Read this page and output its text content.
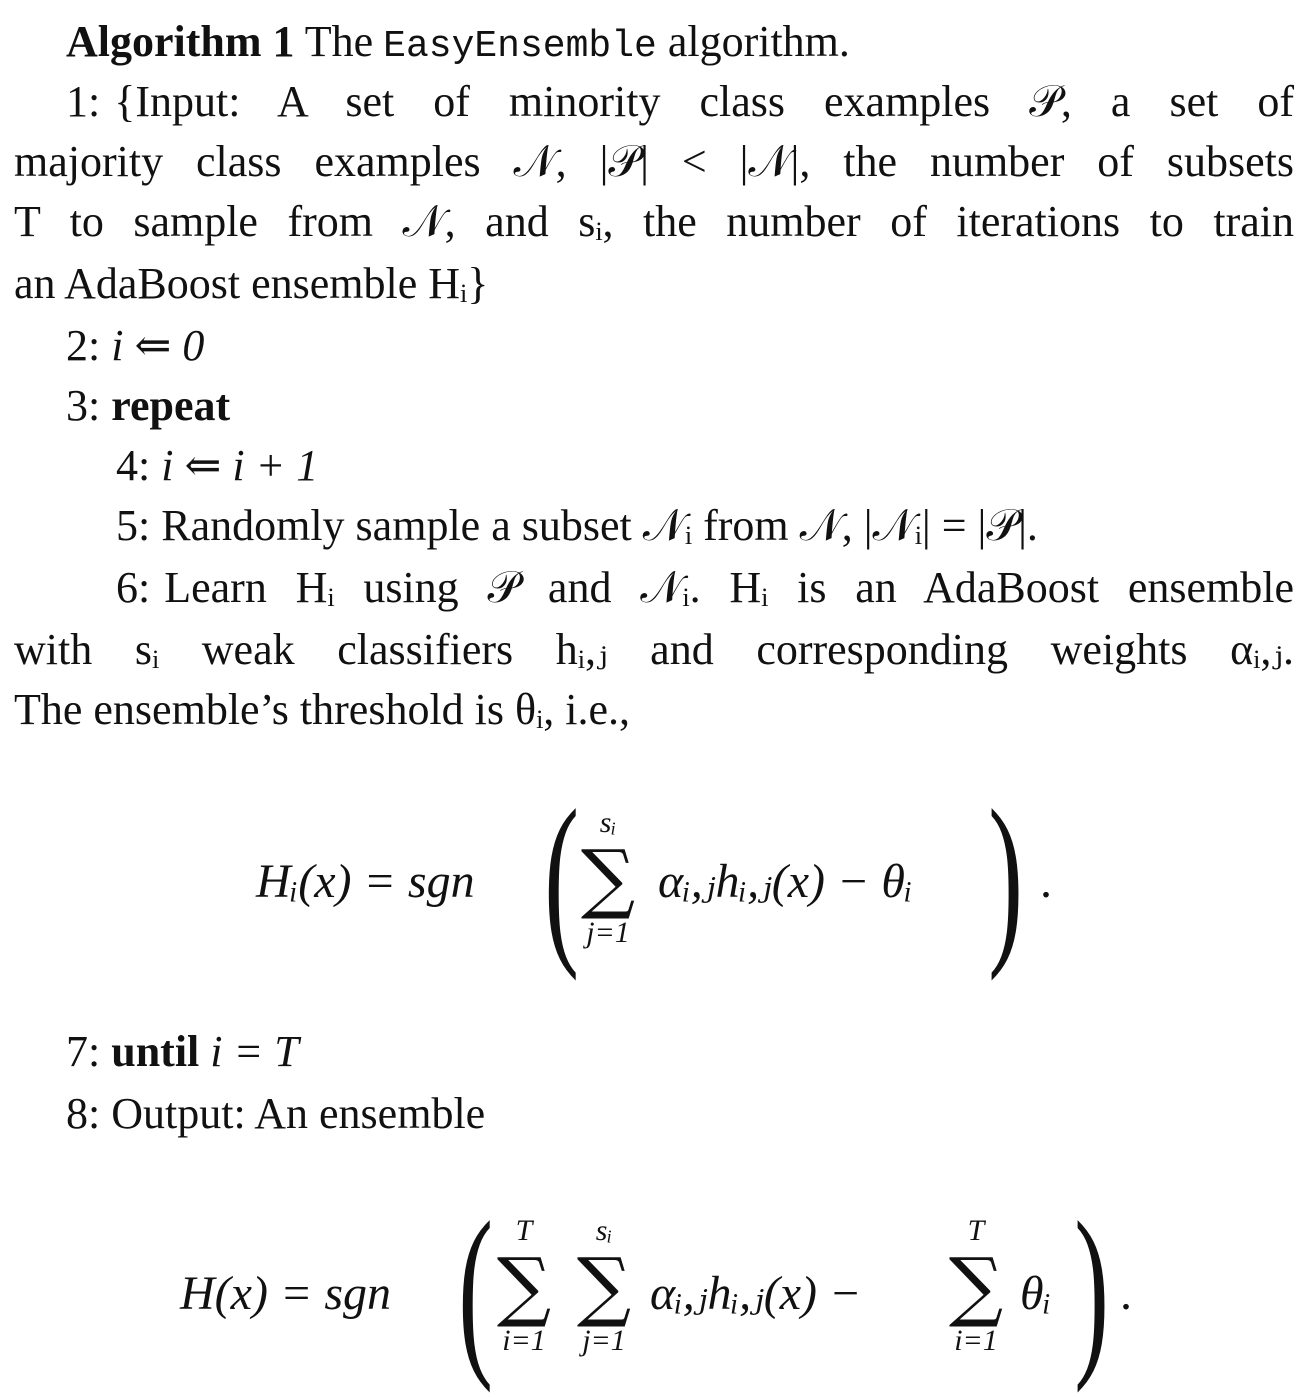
Algorithm 1 The EasyEnsemble algorithm.
1: {Input: A set of minority class examples 𝒫, a set of
majority class examples 𝒩, |𝒫| < |𝒩|, the number of subsets
T to sample from 𝒩, and sᵢ, the number of iterations to train
an AdaBoost ensemble Hᵢ}
2: i ⇐ 0
3: repeat
4: i ⇐ i + 1
5: Randomly sample a subset 𝒩ᵢ from 𝒩, |𝒩ᵢ| = |𝒫|.
6: Learn Hᵢ using 𝒫 and 𝒩ᵢ. Hᵢ is an AdaBoost ensemble
with sᵢ weak classifiers hᵢ,ⱼ and corresponding weights αᵢ,ⱼ.
The ensemble’s threshold is θᵢ, i.e.,
Hᵢ(x) = sgn ( sᵢ
∑
j=1
αᵢ,ⱼhᵢ,ⱼ(x) − θᵢ ) .
7: until i = T
8: Output: An ensemble
H(x) = sgn ( T
∑
i=1
sᵢ
∑
j=1
αᵢ,ⱼhᵢ,ⱼ(x) −
T
∑
i=1
θᵢ ) .
